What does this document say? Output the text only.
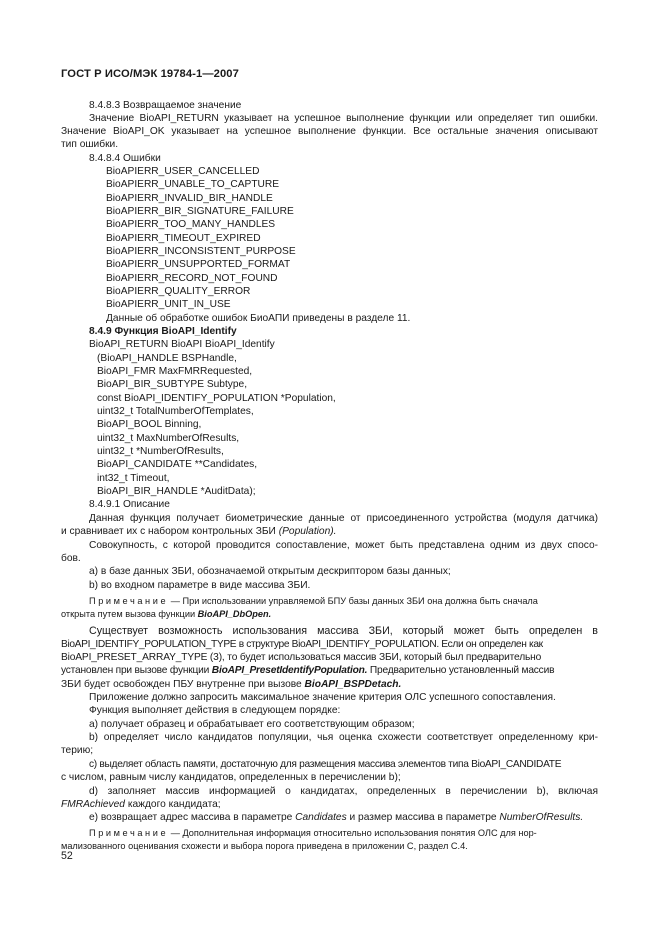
ГОСТ Р ИСО/МЭК 19784-1—2007
8.4.8.3 Возвращаемое значение
Значение BioAPI_RETURN указывает на успешное выполнение функции или определяет тип ошибки.
Значение BioAPI_OK указывает на успешное выполнение функции. Все остальные значения описывают
тип ошибки.
8.4.8.4 Ошибки
BioAPIERR_USER_CANCELLED
BioAPIERR_UNABLE_TO_CAPTURE
BioAPIERR_INVALID_BIR_HANDLE
BioAPIERR_BIR_SIGNATURE_FAILURE
BioAPIERR_TOO_MANY_HANDLES
BioAPIERR_TIMEOUT_EXPIRED
BioAPIERR_INCONSISTENT_PURPOSE
BioAPIERR_UNSUPPORTED_FORMAT
BioAPIERR_RECORD_NOT_FOUND
BioAPIERR_QUALITY_ERROR
BioAPIERR_UNIT_IN_USE
Данные об обработке ошибок БиоАПИ приведены в разделе 11.
8.4.9 Функция BioAPI_Identify
BioAPI_RETURN BioAPI BioAPI_Identify
(BioAPI_HANDLE BSPHandle,
BioAPI_FMR MaxFMRRequested,
BioAPI_BIR_SUBTYPE Subtype,
const BioAPI_IDENTIFY_POPULATION *Population,
uint32_t TotalNumberOfTemplates,
BioAPI_BOOL Binning,
uint32_t MaxNumberOfResults,
uint32_t *NumberOfResults,
BioAPI_CANDIDATE **Candidates,
int32_t Timeout,
BioAPI_BIR_HANDLE *AuditData);
8.4.9.1 Описание
Данная функция получает биометрические данные от присоединенного устройства (модуля датчика)
и сравнивает их с набором контрольных ЗБИ (Population).
Совокупность, с которой проводится сопоставление, может быть представлена одним из двух спосо-
бов.
a) в базе данных ЗБИ, обозначаемой открытым дескриптором базы данных;
b) во входном параметре в виде массива ЗБИ.
Примечание — При использовании управляемой БПУ базы данных ЗБИ она должна быть сначала
открыта путем вызова функции BioAPI_DbOpen.
Существует возможность использования массива ЗБИ, который может быть определен в
BioAPI_IDENTIFY_POPULATION_TYPE в структуре BioAPI_IDENTIFY_POPULATION. Если он определен как
BioAPI_PRESET_ARRAY_TYPE (3), то будет использоваться массив ЗБИ, который был предварительно
установлен при вызове функции BioAPI_PresetIdentifyPopulation. Предварительно установленный массив
ЗБИ будет освобожден ПБУ внутренне при вызове BioAPI_BSPDetach.
Приложение должно запросить максимальное значение критерия ОЛС успешного сопоставления.
Функция выполняет действия в следующем порядке:
а) получает образец и обрабатывает его соответствующим образом;
b) определяет число кандидатов популяции, чья оценка схожести соответствует определенному кри-
терию;
с) выделяет область памяти, достаточную для размещения массива элементов типа BioAPI_CANDIDATE
с числом, равным числу кандидатов, определенных в перечислении b);
d) заполняет массив информацией о кандидатах, определенных в перечислении b), включая
FMRAchieved каждого кандидата;
е) возвращает адрес массива в параметре Candidates и размер массива в параметре NumberOfResults.
Примечание — Дополнительная информация относительно использования понятия ОЛС для нор-
мализованного оценивания схожести и выбора порога приведена в приложении С, раздел С.4.
52
